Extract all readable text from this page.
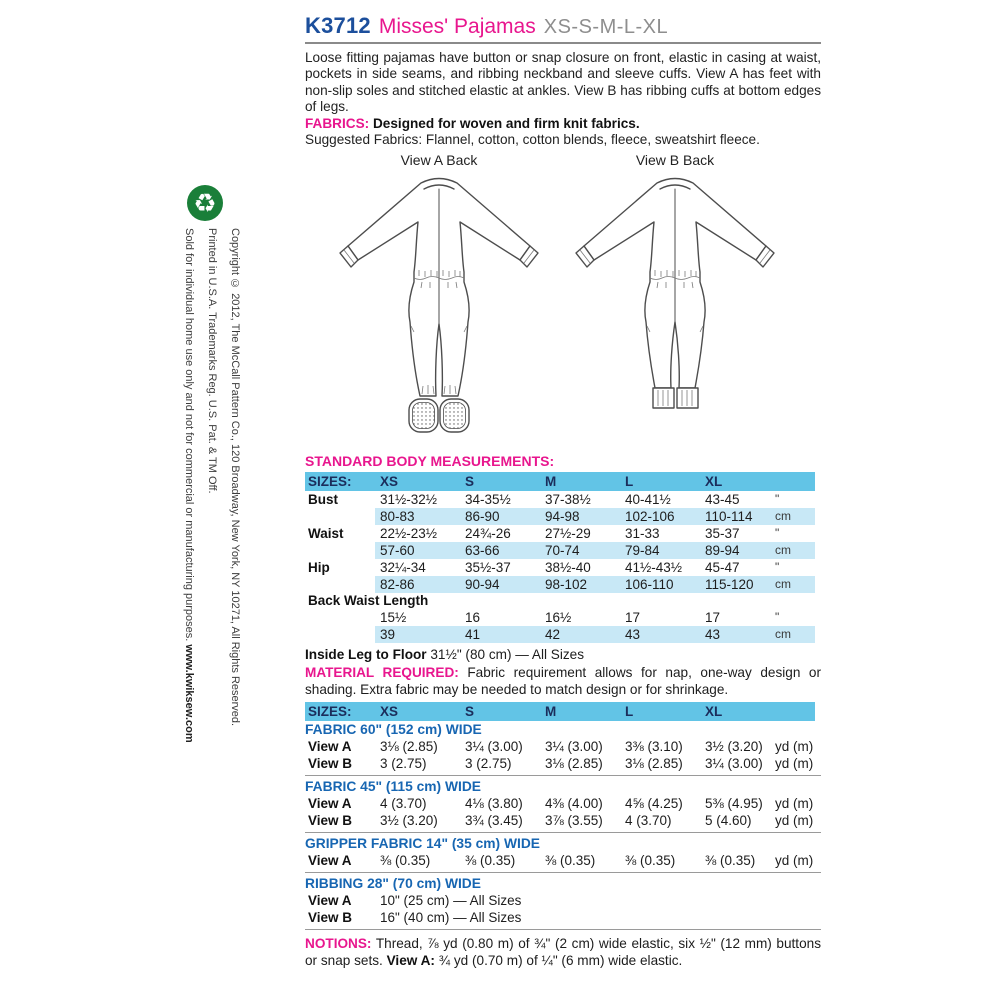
♻
Copyright © 2012, The McCall Pattern Co., 120 Broadway, New York, NY 10271, All Rights Reserved.
Printed in U.S.A. Trademarks Reg. U.S. Pat. & TM Off.
Sold for individual home use only and not for commercial or manufacturing purposes. www.kwiksew.com
K3712 Misses' Pajamas XS-S-M-L-XL

Loose fitting pajamas have button or snap closure on front, elastic in casing at waist, pockets in side seams, and ribbing neckband and sleeve cuffs. View A has feet with non-slip soles and stitched elastic at ankles. View B has ribbing cuffs at bottom edges of legs.

FABRICS: Designed for woven and firm knit fabrics.

Suggested Fabrics: Flannel, cotton, cotton blends, fleece, sweatshirt fleece.

View A Back	View B Back

STANDARD BODY MEASUREMENTS:

SIZES:	XS	S	M	L	XL
Bust	31½-32½	34-35½	37-38½	40-41½	43-45	"
80-83	86-90	94-98	102-106	110-114	cm
Waist	22½-23½	24¾-26	27½-29	31-33	35-37	"
57-60	63-66	70-74	79-84	89-94	cm
Hip	32¼-34	35½-37	38½-40	41½-43½	45-47	"
82-86	90-94	98-102	106-110	115-120	cm
Back Waist Length
15½	16	16½	17	17	"
39	41	42	43	43	cm

Inside Leg to Floor 31½" (80 cm) — All Sizes

MATERIAL REQUIRED: Fabric requirement allows for nap, one-way design or shading. Extra fabric may be needed to match design or for shrinkage.

SIZES:	XS	S	M	L	XL
FABRIC 60" (152 cm) WIDE
View A	3⅛ (2.85)	3¼ (3.00)	3¼ (3.00)	3⅜ (3.10)	3½ (3.20) yd (m)
View B	3 (2.75)	3 (2.75)	3⅛ (2.85)	3⅛ (2.85)	3¼ (3.00) yd (m)
FABRIC 45" (115 cm) WIDE
View A	4 (3.70)	4⅛ (3.80)	4⅜ (4.00)	4⅝ (4.25)	5⅜ (4.95) yd (m)
View B	3½ (3.20)	3¾ (3.45)	3⅞ (3.55)	4 (3.70)	5 (4.60)	yd (m)
GRIPPER FABRIC 14" (35 cm) WIDE
View A	⅜ (0.35)	⅜ (0.35)	⅜ (0.35)	⅜ (0.35)	⅜ (0.35)	yd (m)
RIBBING 28" (70 cm) WIDE
View A	10" (25 cm) — All Sizes
View B	16" (40 cm) — All Sizes

NOTIONS: Thread, ⅞ yd (0.80 m) of ¾" (2 cm) wide elastic, six ½" (12 mm) buttons or snap sets. View A: ¾ yd (0.70 m) of ¼" (6 mm) wide elastic.
